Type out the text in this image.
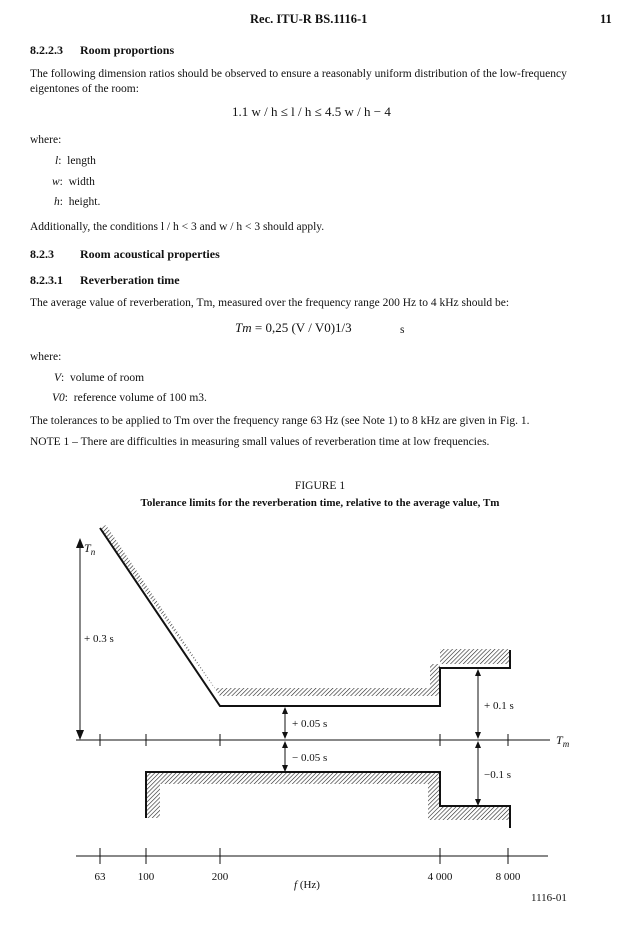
Rec. ITU-R BS.1116-1	11
8.2.2.3 Room proportions
The following dimension ratios should be observed to ensure a reasonably uniform distribution of the low-frequency eigentones of the room:
1.1 w / h ≤ l / h ≤ 4.5 w / h − 4
where:
l:  length
w:  width
h:  height.
Additionally, the conditions l / h < 3 and w / h < 3 should apply.
8.2.3 Room acoustical properties
8.2.3.1 Reverberation time
The average value of reverberation, Tm, measured over the frequency range 200 Hz to 4 kHz should be:
Tm = 0,25 (V / V0)1/3	s
where:
V:  volume of room
V0:  reference volume of 100 m3.
The tolerances to be applied to Tm over the frequency range 63 Hz (see Note 1) to 8 kHz are given in Fig. 1.
NOTE 1 – There are difficulties in measuring small values of reverberation time at low frequencies.
FIGURE 1
Tolerance limits for the reverberation time, relative to the average value, Tm
$T_m$
$T_n$
+ 0.3 s
+ 0.05 s
− 0.05 s
+ 0.1 s
−0.1 s
63	100	200	4 000	8 000
f (Hz)
1116-01
